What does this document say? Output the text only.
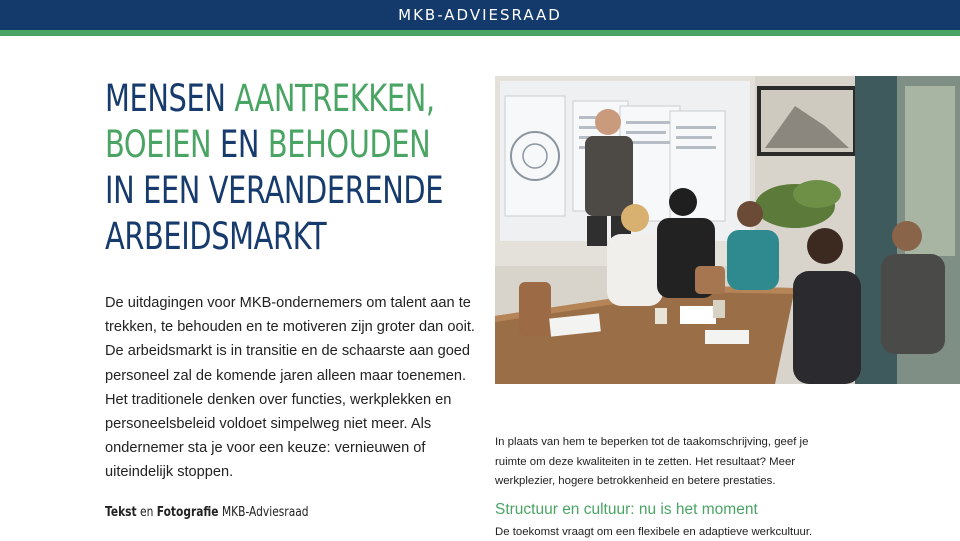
MKB-ADVIESRAAD
MENSEN AANTREKKEN,
BOEIEN EN BEHOUDEN
IN EEN VERANDERENDE
ARBEIDSMARKT

De uitdagingen voor MKB-ondernemers om talent aan te trekken, te behouden en te motiveren zijn groter dan ooit. De arbeidsmarkt is in transitie en de schaarste aan goed personeel zal de komende jaren alleen maar toenemen. Het traditionele denken over functies, werkplekken en personeelsbeleid voldoet simpelweg niet meer. Als ondernemer sta je voor een keuze: vernieuwen of uiteindelijk stoppen.

Tekst en Fotografie MKB-Adviesraad

In plaats van hem te beperken tot de taakomschrijving, geef je ruimte om deze kwaliteiten in te zetten. Het resultaat? Meer werkplezier, hogere betrokkenheid en betere prestaties.

Structuur en cultuur: nu is het moment

De toekomst vraagt om een flexibele en adaptieve werkcultuur.
